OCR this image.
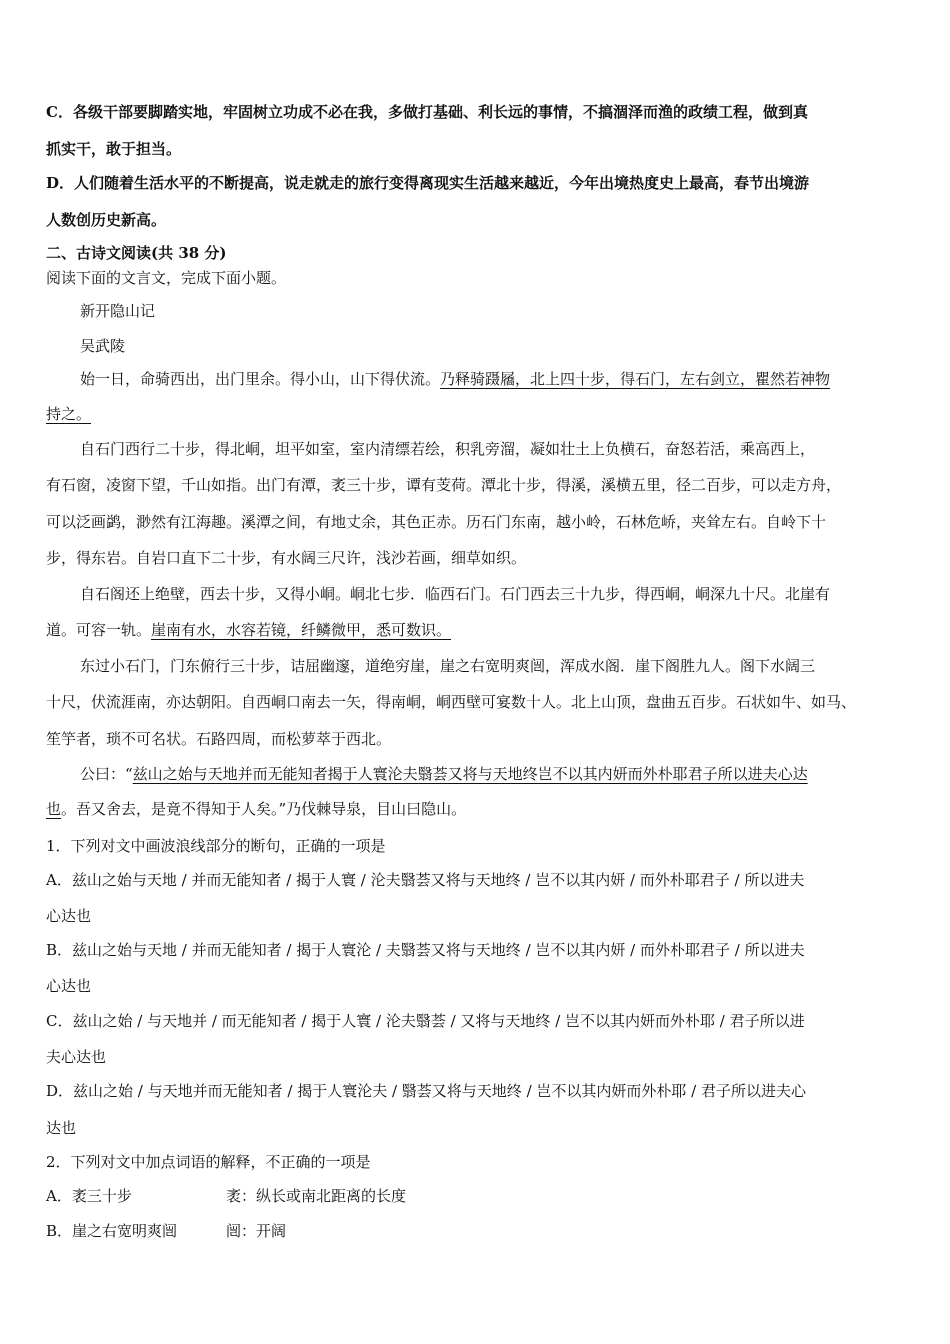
C．各级干部要脚踏实地，牢固树立功成不必在我，多做打基础、利长远的事情，不搞涸泽而渔的政绩工程，做到真
抓实干，敢于担当。
D．人们随着生活水平的不断提高，说走就走的旅行变得离现实生活越来越近，今年出境热度史上最高，春节出境游
人数创历史新高。
二、古诗文阅读(共 38 分)
阅读下面的文言文，完成下面小题。
新开隐山记
吴武陵
始一日，命骑西出，出门里余。得小山，山下得伏流。乃释骑蹑屩，北上四十步，得石门，左右剑立，瞿然若神物
持之。
自石门西行二十步，得北峒，坦平如室，室内清缥若绘，积乳旁溜，凝如壮土上负横石，奋怒若活，乘高西上，
有石窗，凌窗下望，千山如指。出门有潭，袤三十步，谭有芰荷。潭北十步，得溪，溪横五里，径二百步，可以走方舟，
可以泛画鹢，渺然有江海趣。溪潭之间，有地丈余，其色正赤。历石门东南，越小岭，石林危峤，夹耸左右。自岭下十
步，得东岩。自岩口直下二十步，有水阔三尺许，浅沙若画，细草如织。
自石阁还上绝壁，西去十步，又得小峒。峒北七步．临西石门。石门西去三十九步，得西峒，峒深九十尺。北崖有
道。可容一轨。崖南有水，水容若镜，纤鳞微甲，悉可数识。
东过小石门，门东俯行三十步，诘屈幽邃，道绝穷崖，崖之右宽明爽闿，浑成水阁．崖下阁胜九人。阁下水阔三
十尺，伏流涯南，亦达朝阳。自西峒口南去一矢，得南峒，峒西壁可宴数十人。北上山顶，盘曲五百步。石状如牛、如马、
笙竽者，琐不可名状。石路四周，而松萝萃于西北。
公曰：“兹山之始与天地并而无能知者揭于人寰沦夫翳荟又将与天地终岂不以其内妍而外朴耶君子所以进夫心达
也。吾又舍去，是竟不得知于人矣。”乃伐棘导泉，目山曰隐山。
1．下列对文中画波浪线部分的断句，正确的一项是
A．兹山之始与天地 / 并而无能知者 / 揭于人寰 / 沦夫翳荟又将与天地终 / 岂不以其内妍 / 而外朴耶君子 / 所以进夫
心达也
B．兹山之始与天地 / 并而无能知者 / 揭于人寰沦 / 夫翳荟又将与天地终 / 岂不以其内妍 / 而外朴耶君子 / 所以进夫
心达也
C．兹山之始 / 与天地并 / 而无能知者 / 揭于人寰 / 沦夫翳荟 / 又将与天地终 / 岂不以其内妍而外朴耶 / 君子所以进
夫心达也
D．兹山之始 / 与天地并而无能知者 / 揭于人寰沦夫 / 翳荟又将与天地终 / 岂不以其内妍而外朴耶 / 君子所以进夫心
达也
2．下列对文中加点词语的解释，不正确的一项是
A．袤三十步	袤：纵长或南北距离的长度
B．崖之右宽明爽闿	闿：开阔
